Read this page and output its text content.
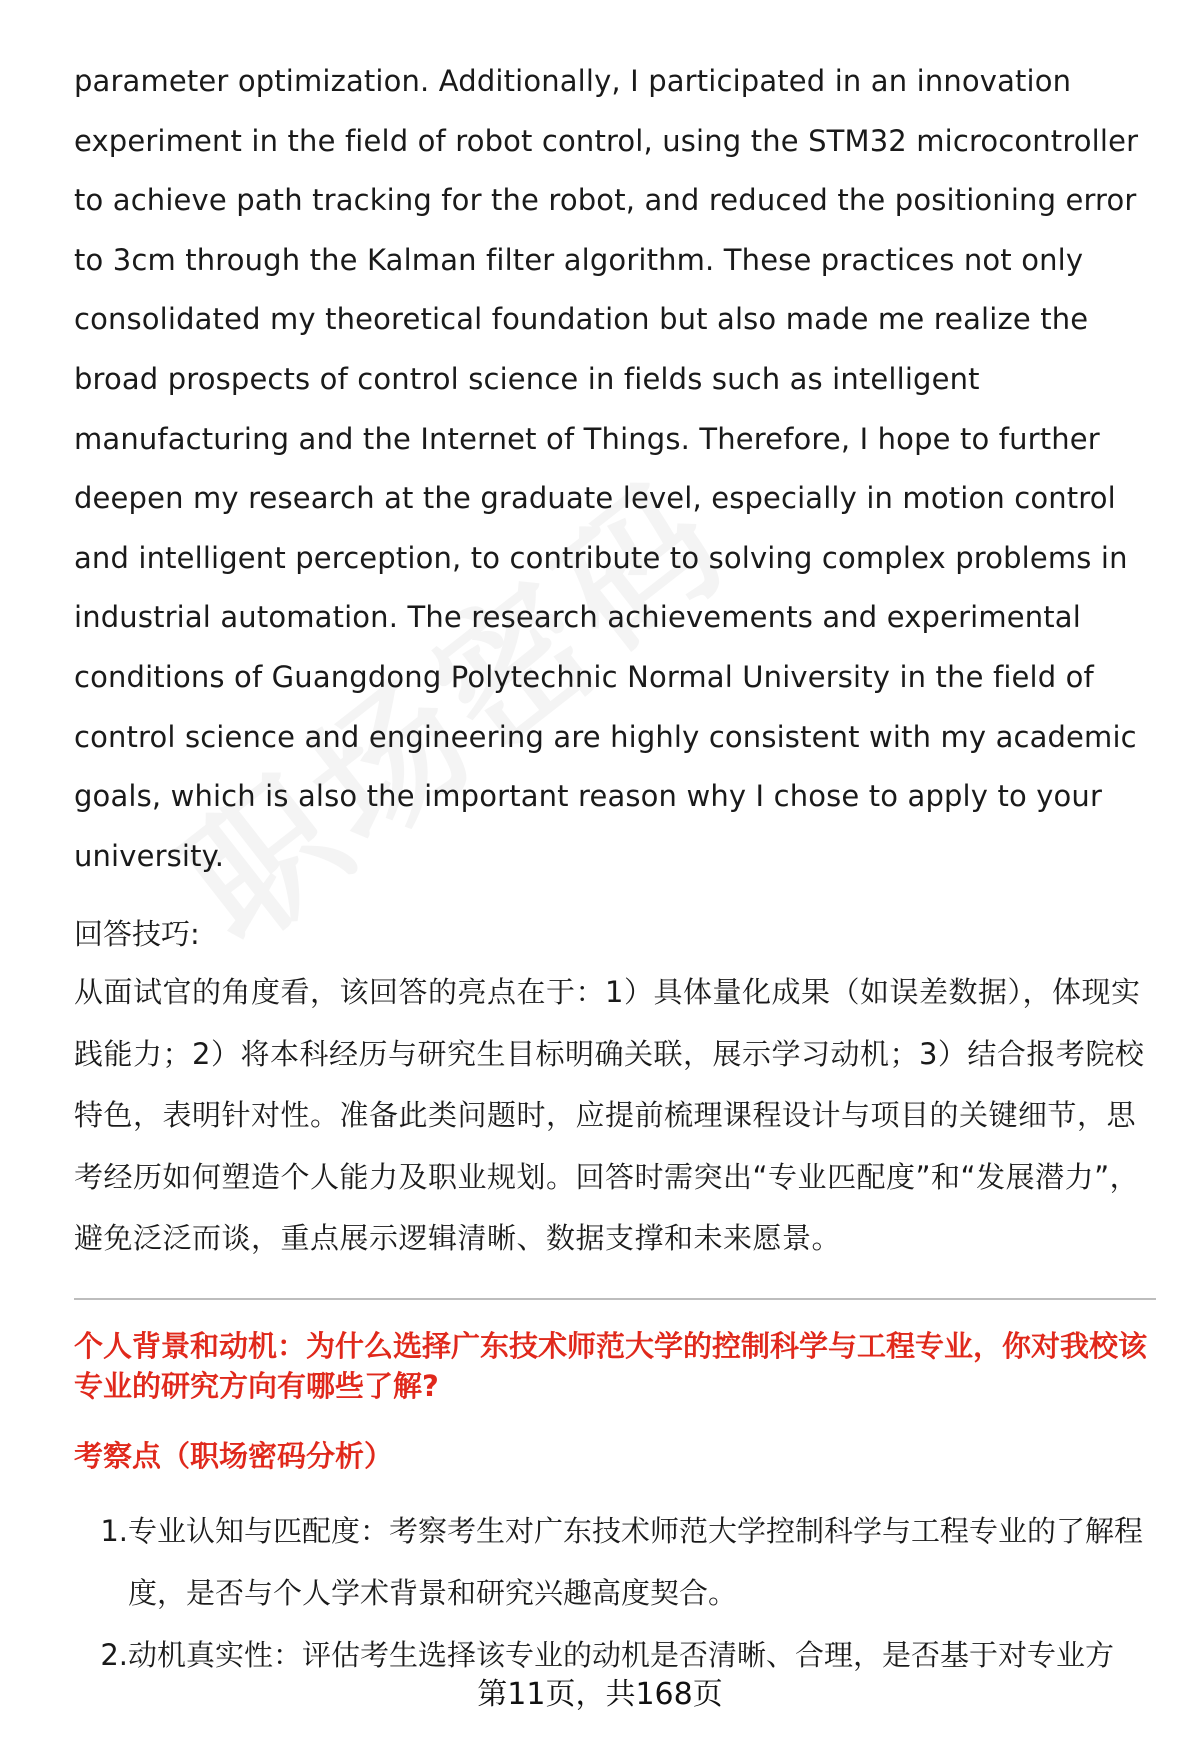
parameter optimization. Additionally, I participated in an innovation experiment in the field of robot control, using the STM32 microcontroller to achieve path tracking for the robot, and reduced the positioning error to 3cm through the Kalman filter algorithm. These practices not only consolidated my theoretical foundation but also made me realize the broad prospects of control science in fields such as intelligent manufacturing and the Internet of Things. Therefore, I hope to further deepen my research at the graduate level, especially in motion control and intelligent perception, to contribute to solving complex problems in industrial automation. The research achievements and experimental conditions of Guangdong Polytechnic Normal University in the field of control science and engineering are highly consistent with my academic goals, which is also the important reason why I chose to apply to your university.

回答技巧:

从面试官的角度看，该回答的亮点在于：1）具体量化成果（如误差数据），体现实践能力；2）将本科经历与研究生目标明确关联，展示学习动机；3）结合报考院校特色，表明针对性。准备此类问题时，应提前梳理课程设计与项目的关键细节，思考经历如何塑造个人能力及职业规划。回答时需突出“专业匹配度”和“发展潜力”，避免泛泛而谈，重点展示逻辑清晰、数据支撑和未来愿景。

个人背景和动机：为什么选择广东技术师范大学的控制科学与工程专业，你对我校该专业的研究方向有哪些了解?

考察点（职场密码分析）

1. 专业认知与匹配度：考察考生对广东技术师范大学控制科学与工程专业的了解程度，是否与个人学术背景和研究兴趣高度契合。
2. 动机真实性：评估考生选择该专业的动机是否清晰、合理，是否基于对专业方
第11页，共168页
